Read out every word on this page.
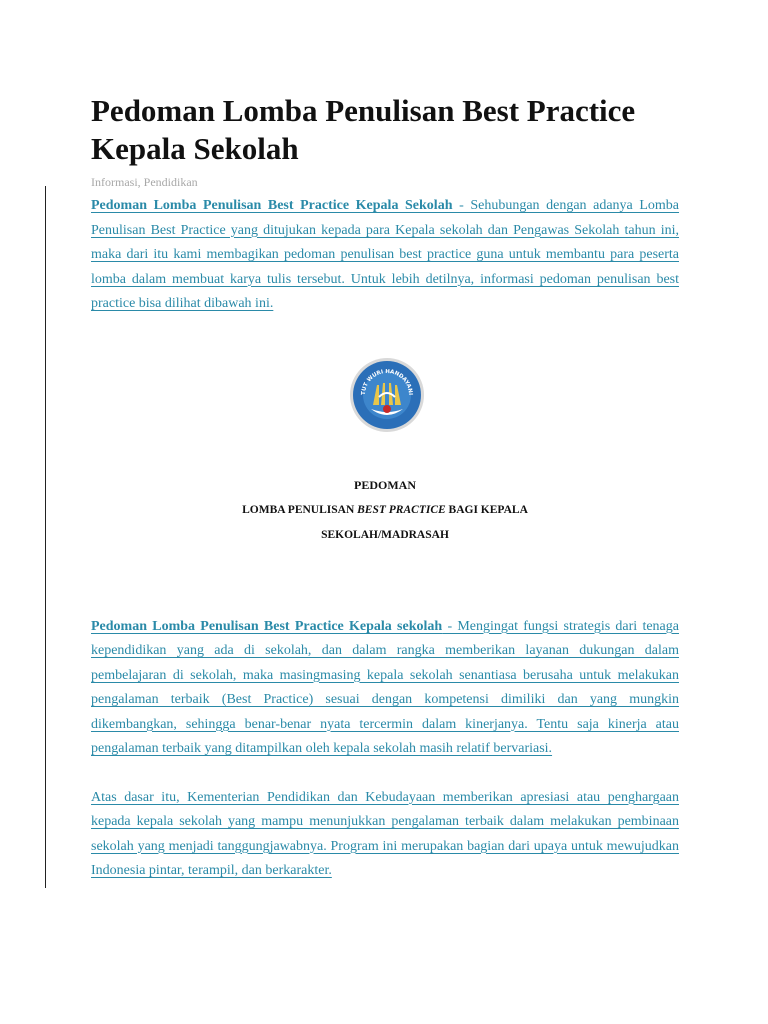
Pedoman Lomba Penulisan Best Practice Kepala Sekolah
Informasi, Pendidikan

Pedoman Lomba Penulisan Best Practice Kepala Sekolah - Sehubungan dengan adanya Lomba Penulisan Best Practice yang ditujukan kepada para Kepala sekolah dan Pengawas Sekolah tahun ini, maka dari itu kami membagikan pedoman penulisan best practice guna untuk membantu para peserta lomba dalam membuat karya tulis tersebut. Untuk lebih detilnya, informasi pedoman penulisan best practice bisa dilihat dibawah ini.

TUT WURI HANDAYANI
PEDOMAN
LOMBA PENULISAN BEST PRACTICE BAGI KEPALA
SEKOLAH/MADRASAH

Pedoman Lomba Penulisan Best Practice Kepala sekolah - Mengingat fungsi strategis dari tenaga kependidikan yang ada di sekolah, dan dalam rangka memberikan layanan dukungan dalam pembelajaran di sekolah, maka masingmasing kepala sekolah senantiasa berusaha untuk melakukan pengalaman terbaik (Best Practice) sesuai dengan kompetensi dimiliki dan yang mungkin dikembangkan, sehingga benar-benar nyata tercermin dalam kinerjanya. Tentu saja kinerja atau pengalaman terbaik yang ditampilkan oleh kepala sekolah masih relatif bervariasi.

Atas dasar itu, Kementerian Pendidikan dan Kebudayaan memberikan apresiasi atau penghargaan kepada kepala sekolah yang mampu menunjukkan pengalaman terbaik dalam melakukan pembinaan sekolah yang menjadi tanggungjawabnya. Program ini merupakan bagian dari upaya untuk mewujudkan Indonesia pintar, terampil, dan berkarakter.
